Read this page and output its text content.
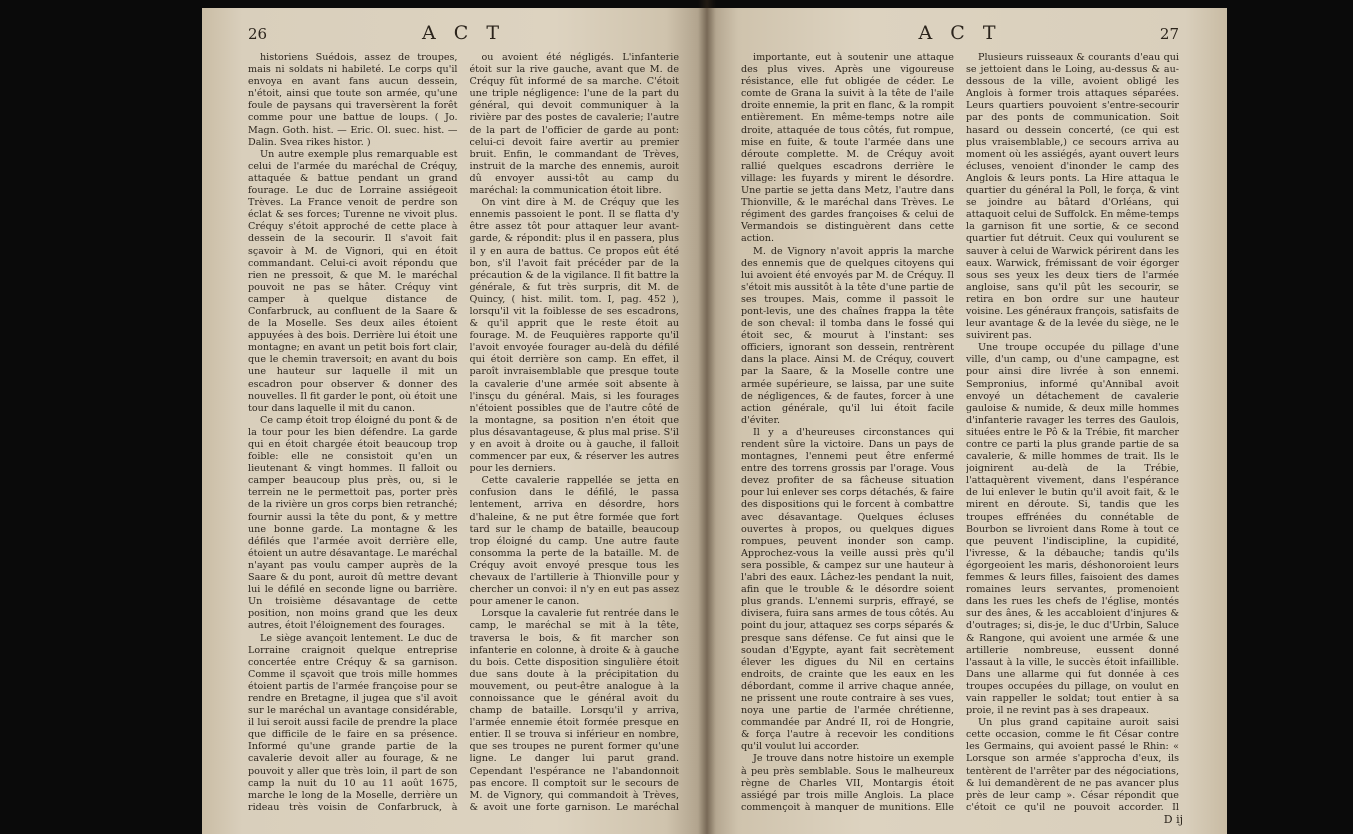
26	A C T

historiens Suédois, assez de troupes, mais ni soldats ni habileté. Le corps qu'il envoya en avant fans aucun dessein, n'étoit, ainsi que toute son armée, qu'une foule de paysans qui traversèrent la forêt comme pour une battue de loups. ( Jo. Magn. Goth. hist. — Eric. Ol. suec. hist. — Dalin. Svea rikes histor. )

Un autre exemple plus remarquable est celui de l'armée du maréchal de Créquy, attaquée & battue pendant un grand fourage. Le duc de Lorraine assiégeoit Trèves. La France venoit de perdre son éclat & ses forces; Turenne ne vivoit plus. Créquy s'étoit approché de cette place à dessein de la secourir. Il s'avoit fait sçavoir à M. de Vignori, qui en étoit commandant. Celui-ci avoit répondu que rien ne pressoit, & que M. le maréchal pouvoit ne pas se hâter. Créquy vint camper à quelque distance de Confarbruck, au confluent de la Saare & de la Moselle. Ses deux ailes étoient appuyées à des bois. Derrière lui étoit une montagne; en avant un petit bois fort clair, que le chemin traversoit; en avant du bois une hauteur sur laquelle il mit un escadron pour observer & donner des nouvelles. Il fit garder le pont, où étoit une tour dans laquelle il mit du canon.

Ce camp étoit trop éloigné du pont & de la tour pour les bien défendre. La garde qui en étoit chargée étoit beaucoup trop foible: elle ne consistoit qu'en un lieutenant & vingt hommes. Il falloit ou camper beaucoup plus près, ou, si le terrein ne le permettoit pas, porter près de la rivière un gros corps bien retranché; fournir aussi la tête du pont, & y mettre une bonne garde. La montagne & les défilés que l'armée avoit derrière elle, étoient un autre désavantage. Le maréchal n'ayant pas voulu camper auprès de la Saare & du pont, auroit dû mettre devant lui le défilé en seconde ligne ou barrière. Un troisième désavantage de cette position, non moins grand que les deux autres, étoit l'éloignement des fourages.

Le siège avançoit lentement. Le duc de Lorraine craignoit quelque entreprise concertée entre Créquy & sa garnison. Comme il sçavoit que trois mille hommes étoient partis de l'armée françoise pour se rendre en Bretagne, il jugea que s'il avoit sur le maréchal un avantage considérable, il lui seroit aussi facile de prendre la place que difficile de le faire en sa présence. Informé qu'une grande partie de la cavalerie devoit aller au fourage, & ne pouvoit y aller que très loin, il part de son camp la nuit du 10 au 11 août 1675, marche le long de la Moselle, derrière un rideau très voisin de Confarbruck, à

ou avoient été négligés. L'infanterie étoit sur la rive gauche, avant que M. de Créquy fût informé de sa marche. C'étoit une triple négligence: l'une de la part du général, qui devoit communiquer à la rivière par des postes de cavalerie; l'autre de la part de l'officier de garde au pont: celui-ci devoit faire avertir au premier bruit. Enfin, le commandant de Trèves, instruit de la marche des ennemis, auroit dû envoyer aussi-tôt au camp du maréchal: la communication étoit libre.

On vint dire à M. de Créquy que les ennemis passoient le pont. Il se flatta d'y être assez tôt pour attaquer leur avant-garde, & répondit: plus il en passera, plus il y en aura de battus. Ce propos eût été bon, s'il l'avoit fait précéder par de la précaution & de la vigilance. Il fit battre la générale, & fut très surpris, dit M. de Quincy, ( hist. milit. tom. I, pag. 452 ), lorsqu'il vit la foiblesse de ses escadrons, & qu'il apprit que le reste étoit au fourage. M. de Feuquières rapporte qu'il l'avoit envoyée fourager au-delà du défilé qui étoit derrière son camp. En effet, il paroît invraisemblable que presque toute la cavalerie d'une armée soit absente à l'insçu du général. Mais, si les fourages n'étoient possibles que de l'autre côté de la montagne, sa position n'en étoit que plus désavantageuse, & plus mal prise. S'il y en avoit à droite ou à gauche, il falloit commencer par eux, & réserver les autres pour les derniers.

Cette cavalerie rappellée se jetta en confusion dans le défilé, le passa lentement, arriva en désordre, hors d'haleine, & ne put être formée que fort tard sur le champ de bataille, beaucoup trop éloigné du camp. Une autre faute consomma la perte de la bataille. M. de Créquy avoit envoyé presque tous les chevaux de l'artillerie à Thionville pour y chercher un convoi: il n'y en eut pas assez pour amener le canon.

Lorsque la cavalerie fut rentrée dans le camp, le maréchal se mit à la tête, traversa le bois, & fit marcher son infanterie en colonne, à droite & à gauche du bois. Cette disposition singulière étoit due sans doute à la précipitation du mouvement, ou peut-être analogue à la connoissance que le général avoit du champ de bataille. Lorsqu'il y arriva, l'armée ennemie étoit formée presque en entier. Il se trouva si inférieur en nombre, que ses troupes ne purent former qu'une ligne. Le danger lui parut grand. Cependant l'espérance ne l'abandonnoit pas encore. Il comptoit sur le secours de M. de Vignory, qui commandoit à Trèves, & avoit une forte garnison. Le maréchal

A C T	27

importante, eut à soutenir une attaque des plus vives. Après une vigoureuse résistance, elle fut obligée de céder. Le comte de Grana la suivit à la tête de l'aile droite ennemie, la prit en flanc, & la rompit entièrement. En même-temps notre aile droite, attaquée de tous côtés, fut rompue, mise en fuite, & toute l'armée dans une déroute complette. M. de Créquy avoit rallié quelques escadrons derrière le village: les fuyards y mirent le désordre. Une partie se jetta dans Metz, l'autre dans Thionville, & le maréchal dans Trèves. Le régiment des gardes françoises & celui de Vermandois se distinguèrent dans cette action.

M. de Vignory n'avoit appris la marche des ennemis que de quelques citoyens qui lui avoient été envoyés par M. de Créquy. Il s'étoit mis aussitôt à la tête d'une partie de ses troupes. Mais, comme il passoit le pont-levis, une des chaînes frappa la tête de son cheval: il tomba dans le fossé qui étoit sec, & mourut à l'instant: ses officiers, ignorant son dessein, rentrèrent dans la place. Ainsi M. de Créquy, couvert par la Saare, & la Moselle contre une armée supérieure, se laissa, par une suite de négligences, & de fautes, forcer à une action générale, qu'il lui étoit facile d'éviter.

Il y a d'heureuses circonstances qui rendent sûre la victoire. Dans un pays de montagnes, l'ennemi peut être enfermé entre des torrens grossis par l'orage. Vous devez profiter de sa fâcheuse situation pour lui enlever ses corps détachés, & faire des dispositions qui le forcent à combattre avec désavantage. Quelques écluses ouvertes à propos, ou quelques digues rompues, peuvent inonder son camp. Approchez-vous la veille aussi près qu'il sera possible, & campez sur une hauteur à l'abri des eaux. Lâchez-les pendant la nuit, afin que le trouble & le désordre soient plus grands. L'ennemi surpris, effrayé, se divisera, fuira sans armes de tous côtés. Au point du jour, attaquez ses corps séparés & presque sans défense. Ce fut ainsi que le soudan d'Egypte, ayant fait secrètement élever les digues du Nil en certains endroits, de crainte que les eaux en les débordant, comme il arrive chaque année, ne prissent une route contraire à ses vues, noya une partie de l'armée chrétienne, commandée par André II, roi de Hongrie, & força l'autre à recevoir les conditions qu'il voulut lui accorder.

Je trouve dans notre histoire un exemple à peu près semblable. Sous le malheureux règne de Charles VII, Montargis étoit assiégé par trois mille Anglois. La place commençoit à manquer de munitions. Elle

Plusieurs ruisseaux & courants d'eau qui se jettoient dans le Loing, au-dessus & au-dessous de la ville, avoient obligé les Anglois à former trois attaques séparées. Leurs quartiers pouvoient s'entre-secourir par des ponts de communication. Soit hasard ou dessein concerté, (ce qui est plus vraisemblable,) ce secours arriva au moment où les assiégés, ayant ouvert leurs écluses, venoient d'inonder le camp des Anglois & leurs ponts. La Hire attaqua le quartier du général la Poll, le força, & vint se joindre au bâtard d'Orléans, qui attaquoit celui de Suffolck. En même-temps la garnison fit une sortie, & ce second quartier fut détruit. Ceux qui voulurent se sauver à celui de Warwick périrent dans les eaux. Warwick, frémissant de voir égorger sous ses yeux les deux tiers de l'armée angloise, sans qu'il pût les secourir, se retira en bon ordre sur une hauteur voisine. Les généraux françois, satisfaits de leur avantage & de la levée du siège, ne le suivirent pas.

Une troupe occupée du pillage d'une ville, d'un camp, ou d'une campagne, est pour ainsi dire livrée à son ennemi. Sempronius, informé qu'Annibal avoit envoyé un détachement de cavalerie gauloise & numide, & deux mille hommes d'infanterie ravager les terres des Gaulois, situées entre le Pô & la Trébie, fit marcher contre ce parti la plus grande partie de sa cavalerie, & mille hommes de trait. Ils le joignirent au-delà de la Trébie, l'attaquèrent vivement, dans l'espérance de lui enlever le butin qu'il avoit fait, & le mirent en déroute. Si, tandis que les troupes effrénées du connétable de Bourbon se livroient dans Rome à tout ce que peuvent l'indiscipline, la cupidité, l'ivresse, & la débauche; tandis qu'ils égorgeoient les maris, déshonoroient leurs femmes & leurs filles, faisoient des dames romaines leurs servantes, promenoient dans les rues les chefs de l'église, montés sur des ânes, & les accabloient d'injures & d'outrages; si, dis-je, le duc d'Urbin, Saluce & Rangone, qui avoient une armée & une artillerie nombreuse, eussent donné l'assaut à la ville, le succès étoit infaillible. Dans une allarme qui fut donnée à ces troupes occupées du pillage, on voulut en vain rappeller le soldat; tout entier à sa proie, il ne revint pas à ses drapeaux.

Un plus grand capitaine auroit saisi cette occasion, comme le fit César contre les Germains, qui avoient passé le Rhin: « Lorsque son armée s'approcha d'eux, ils tentèrent de l'arrêter par des négociations, & lui demandèrent de ne pas avancer plus près de leur camp ». César répondit que c'étoit ce qu'il ne pouvoit accorder. Il

D ij
